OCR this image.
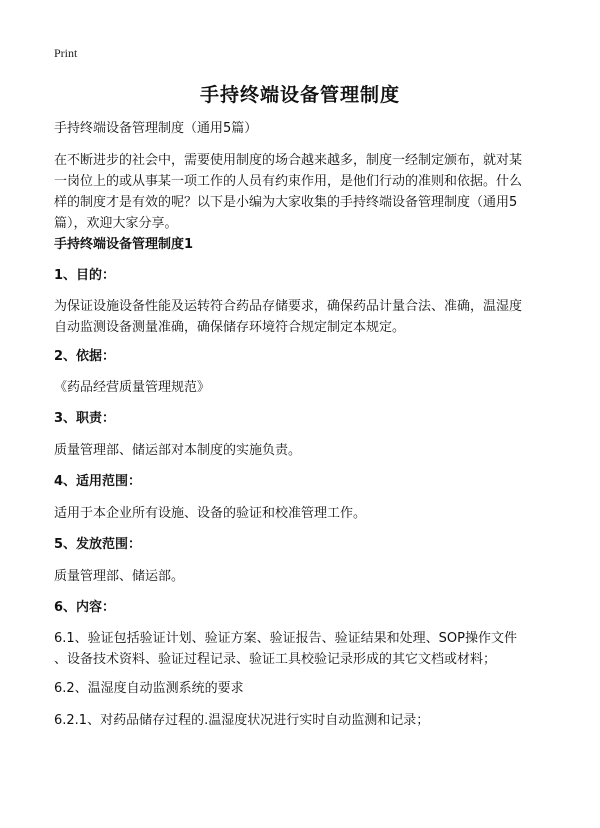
Print
手持终端设备管理制度
手持终端设备管理制度（通用5篇）
在不断进步的社会中，需要使用制度的场合越来越多，制度一经制定颁布，就对某
一岗位上的或从事某一项工作的人员有约束作用，是他们行动的准则和依据。什么
样的制度才是有效的呢？以下是小编为大家收集的手持终端设备管理制度（通用5
篇），欢迎大家分享。
手持终端设备管理制度1
1、目的：
为保证设施设备性能及运转符合药品存储要求，确保药品计量合法、准确，温湿度
自动监测设备测量准确，确保储存环境符合规定制定本规定。
2、依据：
《药品经营质量管理规范》
3、职责：
质量管理部、储运部对本制度的实施负责。
4、适用范围：
适用于本企业所有设施、设备的验证和校准管理工作。
5、发放范围：
质量管理部、储运部。
6、内容：
6.1、验证包括验证计划、验证方案、验证报告、验证结果和处理、SOP操作文件
、设备技术资料、验证过程记录、验证工具校验记录形成的其它文档或材料；
6.2、温湿度自动监测系统的要求
6.2.1、对药品储存过程的.温湿度状况进行实时自动监测和记录；
